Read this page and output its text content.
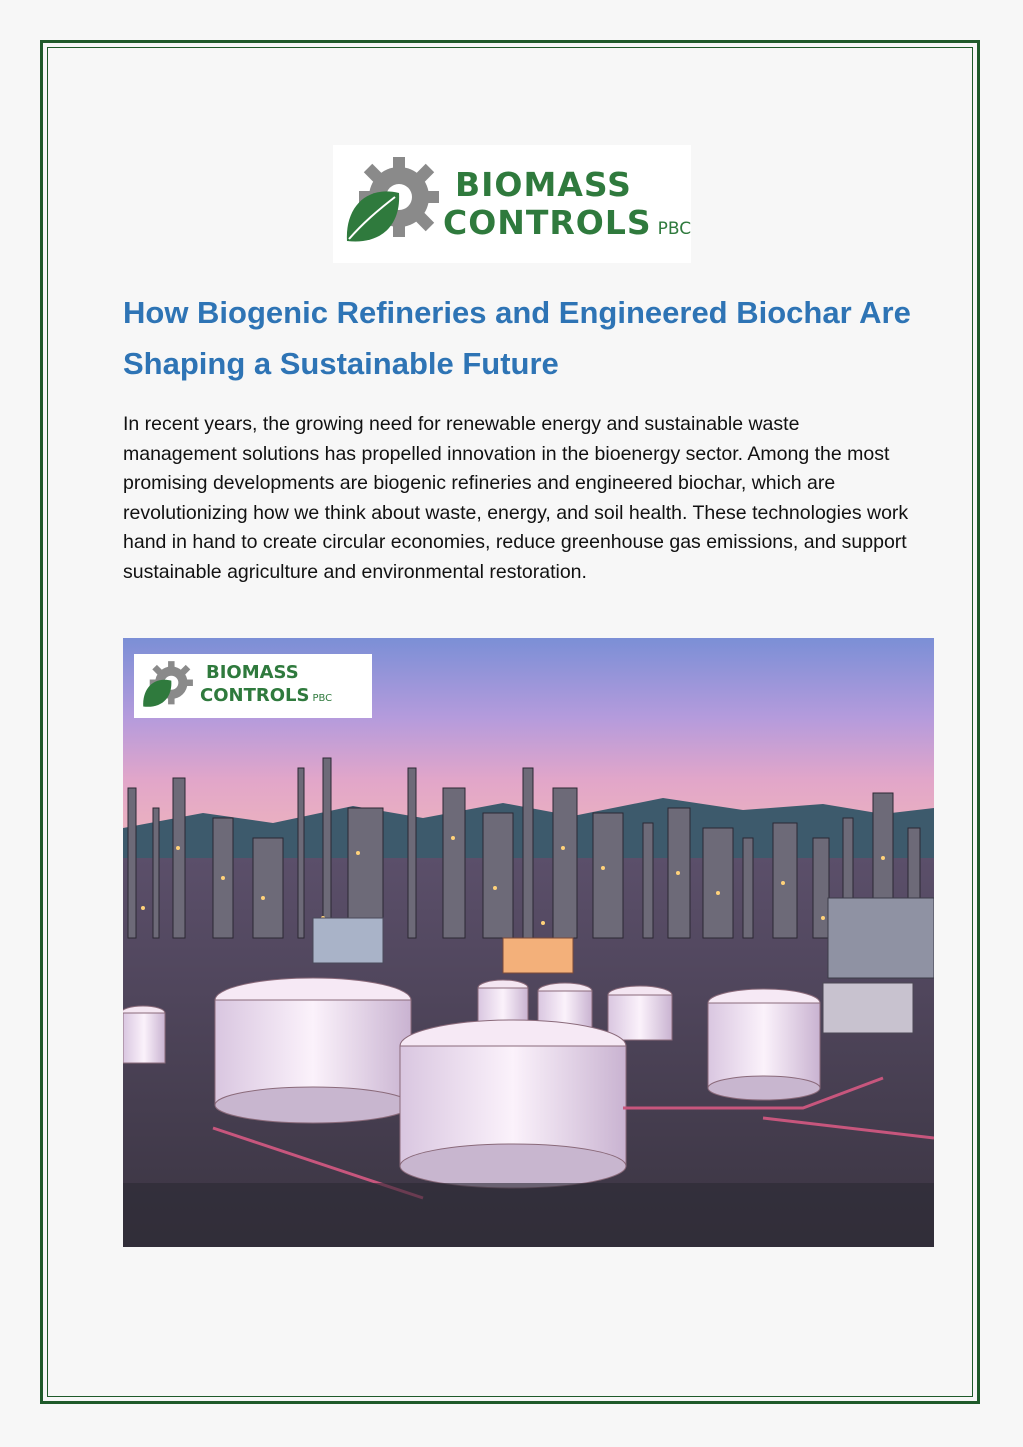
BIOMASS
CONTROLS PBC
How Biogenic Refineries and Engineered Biochar Are Shaping a Sustainable Future

In recent years, the growing need for renewable energy and sustainable waste management solutions has propelled innovation in the bioenergy sector. Among the most promising developments are biogenic refineries and engineered biochar, which are revolutionizing how we think about waste, energy, and soil health. These technologies work hand in hand to create circular economies, reduce greenhouse gas emissions, and support sustainable agriculture and environmental restoration.

BIOMASS
CONTROLS PBC
